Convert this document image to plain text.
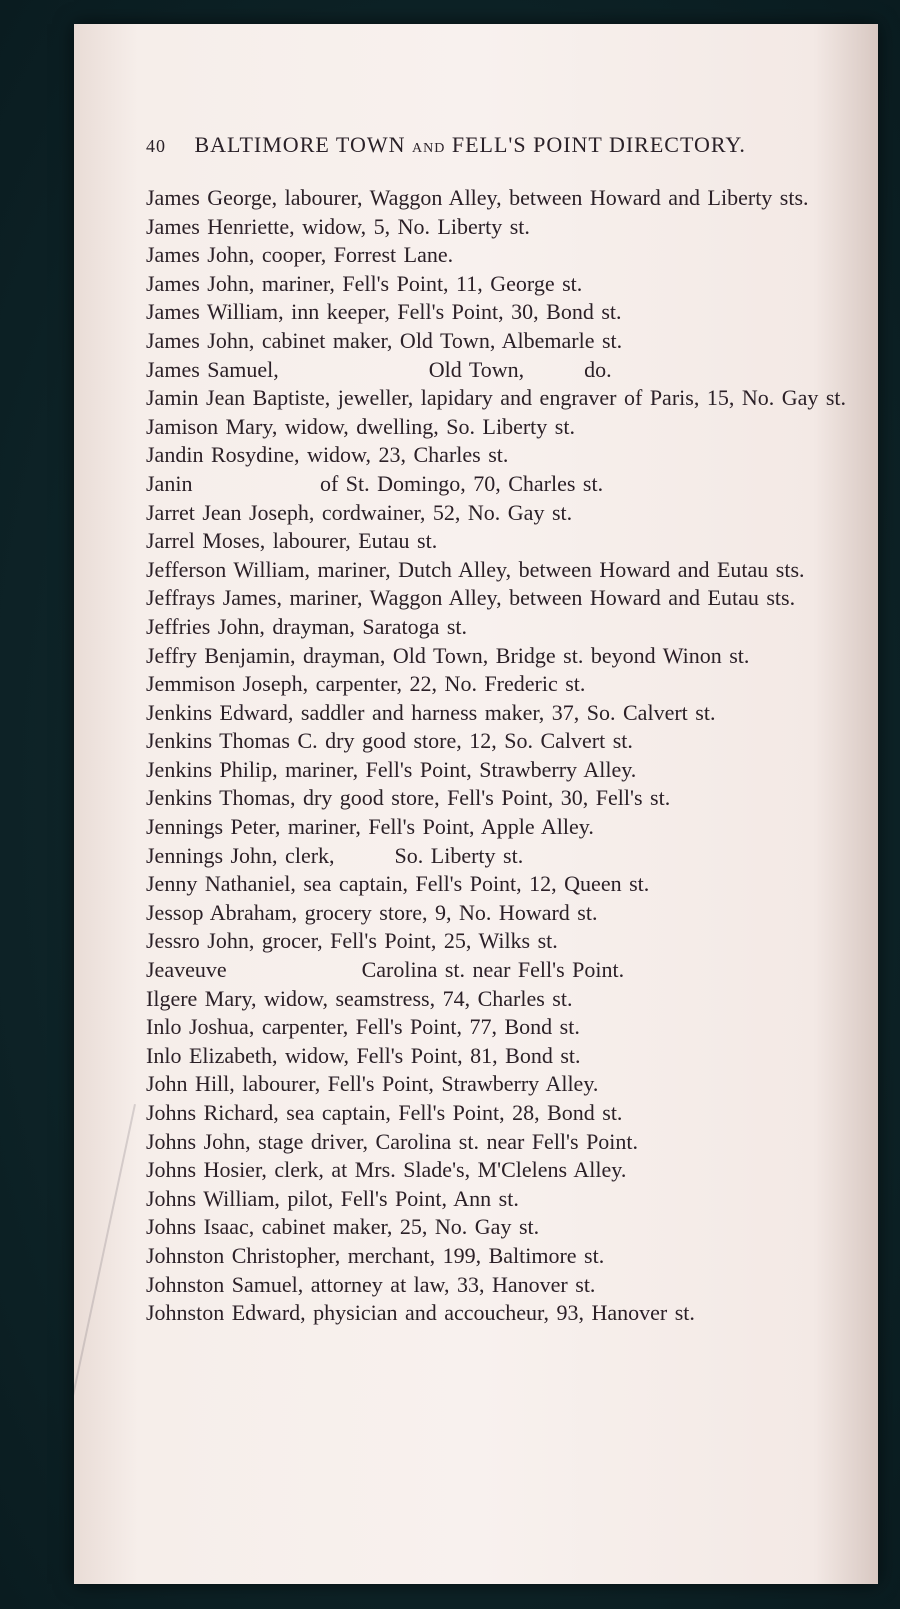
40 BALTIMORE TOWN AND FELL'S POINT DIRECTORY.
James George, labourer, Waggon Alley, between Howard and Liberty sts.
James Henriette, widow, 5, No. Liberty st.
James John, cooper, Forrest Lane.
James John, mariner, Fell's Point, 11, George st.
James William, inn keeper, Fell's Point, 30, Bond st.
James John, cabinet maker, Old Town, Albemarle st.
James Samuel,                    Old Town,        do.
Jamin Jean Baptiste, jeweller, lapidary and engraver of Paris, 15, No. Gay st.
Jamison Mary, widow, dwelling, So. Liberty st.
Jandin Rosydine, widow, 23, Charles st.
Janin                 of St. Domingo, 70, Charles st.
Jarret Jean Joseph, cordwainer, 52, No. Gay st.
Jarrel Moses, labourer, Eutau st.
Jefferson William, mariner, Dutch Alley, between Howard and Eutau sts.
Jeffrays James, mariner, Waggon Alley, between Howard and Eutau sts.
Jeffries John, drayman, Saratoga st.
Jeffry Benjamin, drayman, Old Town, Bridge st. beyond Winon st.
Jemmison Joseph, carpenter, 22, No. Frederic st.
Jenkins Edward, saddler and harness maker, 37, So. Calvert st.
Jenkins Thomas C. dry good store, 12, So. Calvert st.
Jenkins Philip, mariner, Fell's Point, Strawberry Alley.
Jenkins Thomas, dry good store, Fell's Point, 30, Fell's st.
Jennings Peter, mariner, Fell's Point, Apple Alley.
Jennings John, clerk,        So. Liberty st.
Jenny Nathaniel, sea captain, Fell's Point, 12, Queen st.
Jessop Abraham, grocery store, 9, No. Howard st.
Jessro John, grocer, Fell's Point, 25, Wilks st.
Jeaveuve                  Carolina st. near Fell's Point.
Ilgere Mary, widow, seamstress, 74, Charles st.
Inlo Joshua, carpenter, Fell's Point, 77, Bond st.
Inlo Elizabeth, widow, Fell's Point, 81, Bond st.
John Hill, labourer, Fell's Point, Strawberry Alley.
Johns Richard, sea captain, Fell's Point, 28, Bond st.
Johns John, stage driver, Carolina st. near Fell's Point.
Johns Hosier, clerk, at Mrs. Slade's, M'Clelens Alley.
Johns William, pilot, Fell's Point, Ann st.
Johns Isaac, cabinet maker, 25, No. Gay st.
Johnston Christopher, merchant, 199, Baltimore st.
Johnston Samuel, attorney at law, 33, Hanover st.
Johnston Edward, physician and accoucheur, 93, Hanover st.
